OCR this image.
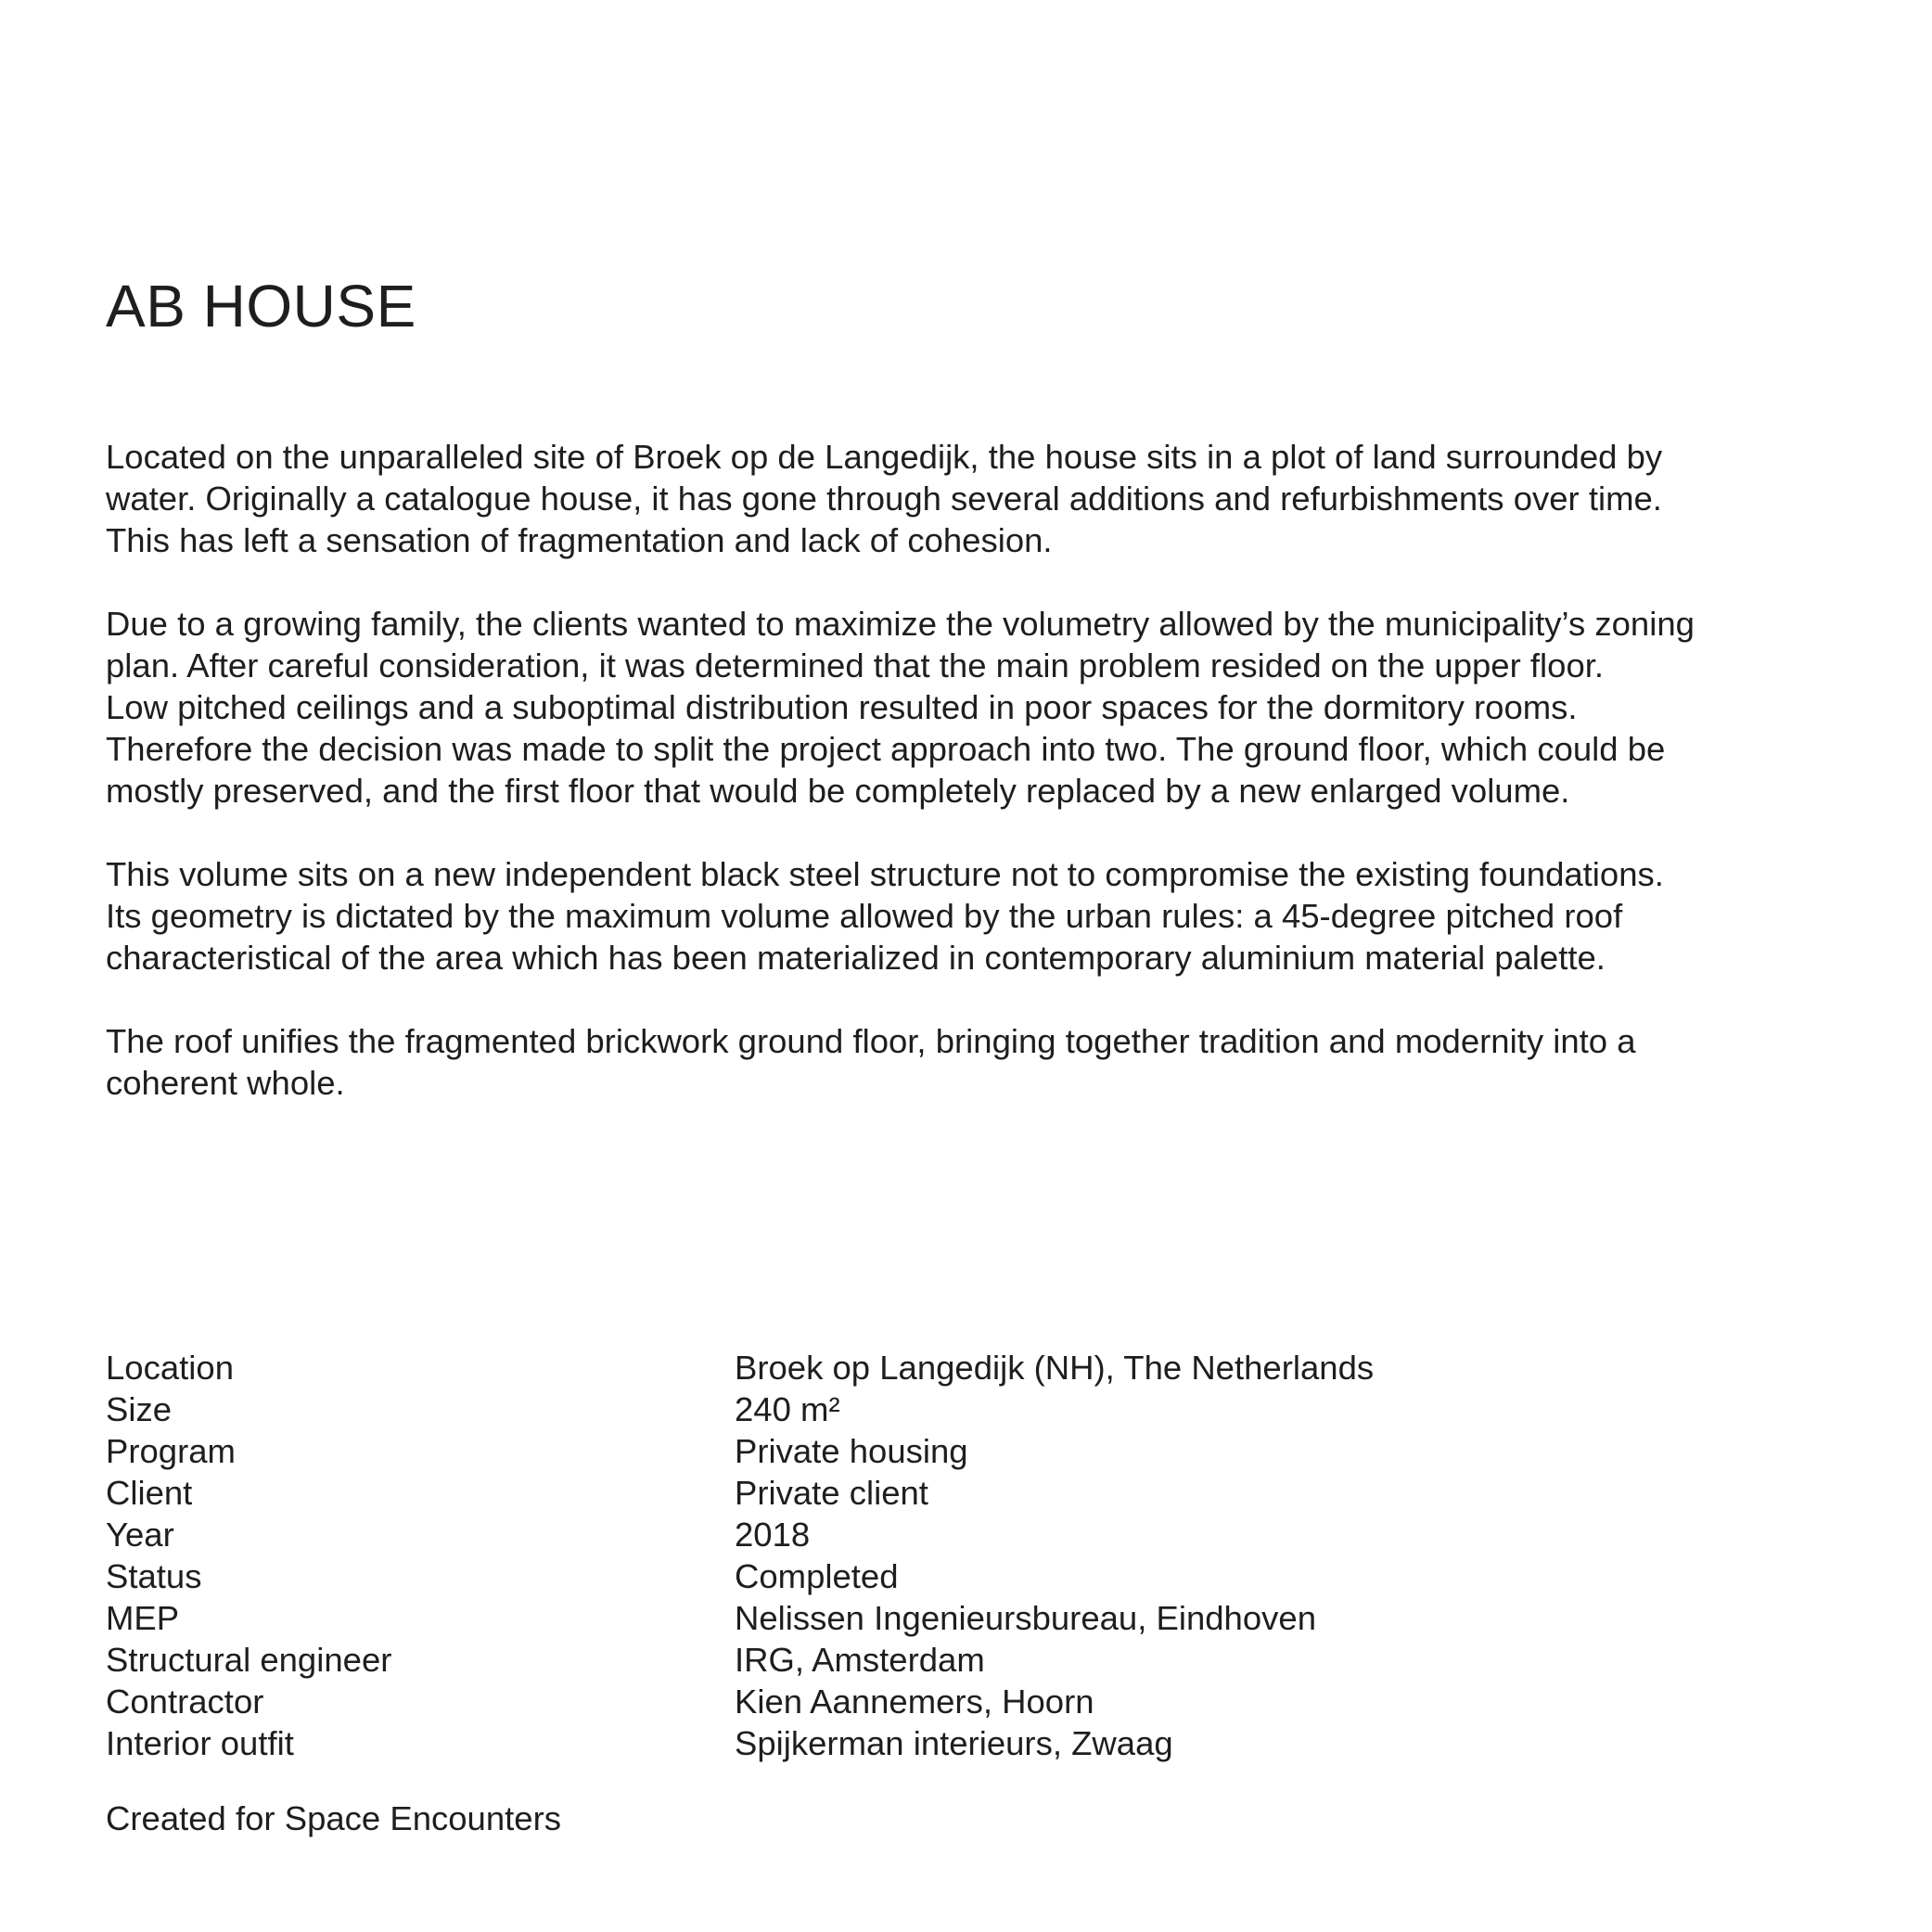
AB HOUSE

Located on the unparalleled site of Broek op de Langedijk, the house sits in a plot of land surrounded by
water. Originally a catalogue house, it has gone through several additions and refurbishments over time.
This has left a sensation of fragmentation and lack of cohesion.

Due to a growing family, the clients wanted to maximize the volumetry allowed by the municipality’s zoning
plan. After careful consideration, it was determined that the main problem resided on the upper floor.
Low pitched ceilings and a suboptimal distribution resulted in poor spaces for the dormitory rooms.
Therefore the decision was made to split the project approach into two. The ground floor, which could be
mostly preserved, and the first floor that would be completely replaced by a new enlarged volume.

This volume sits on a new independent black steel structure not to compromise the existing foundations.
Its geometry is dictated by the maximum volume allowed by the urban rules: a 45-degree pitched roof
characteristical of the area which has been materialized in contemporary aluminium material palette.

The roof unifies the fragmented brickwork ground floor, bringing together tradition and modernity into a
coherent whole.

Location	Broek op Langedijk (NH), The Netherlands
Size	240 m²
Program	Private housing
Client	Private client
Year	2018
Status	Completed
MEP	Nelissen Ingenieursbureau, Eindhoven
Structural engineer	IRG, Amsterdam
Contractor	Kien Aannemers, Hoorn
Interior outfit	Spijkerman interieurs, Zwaag

Created for Space Encounters
